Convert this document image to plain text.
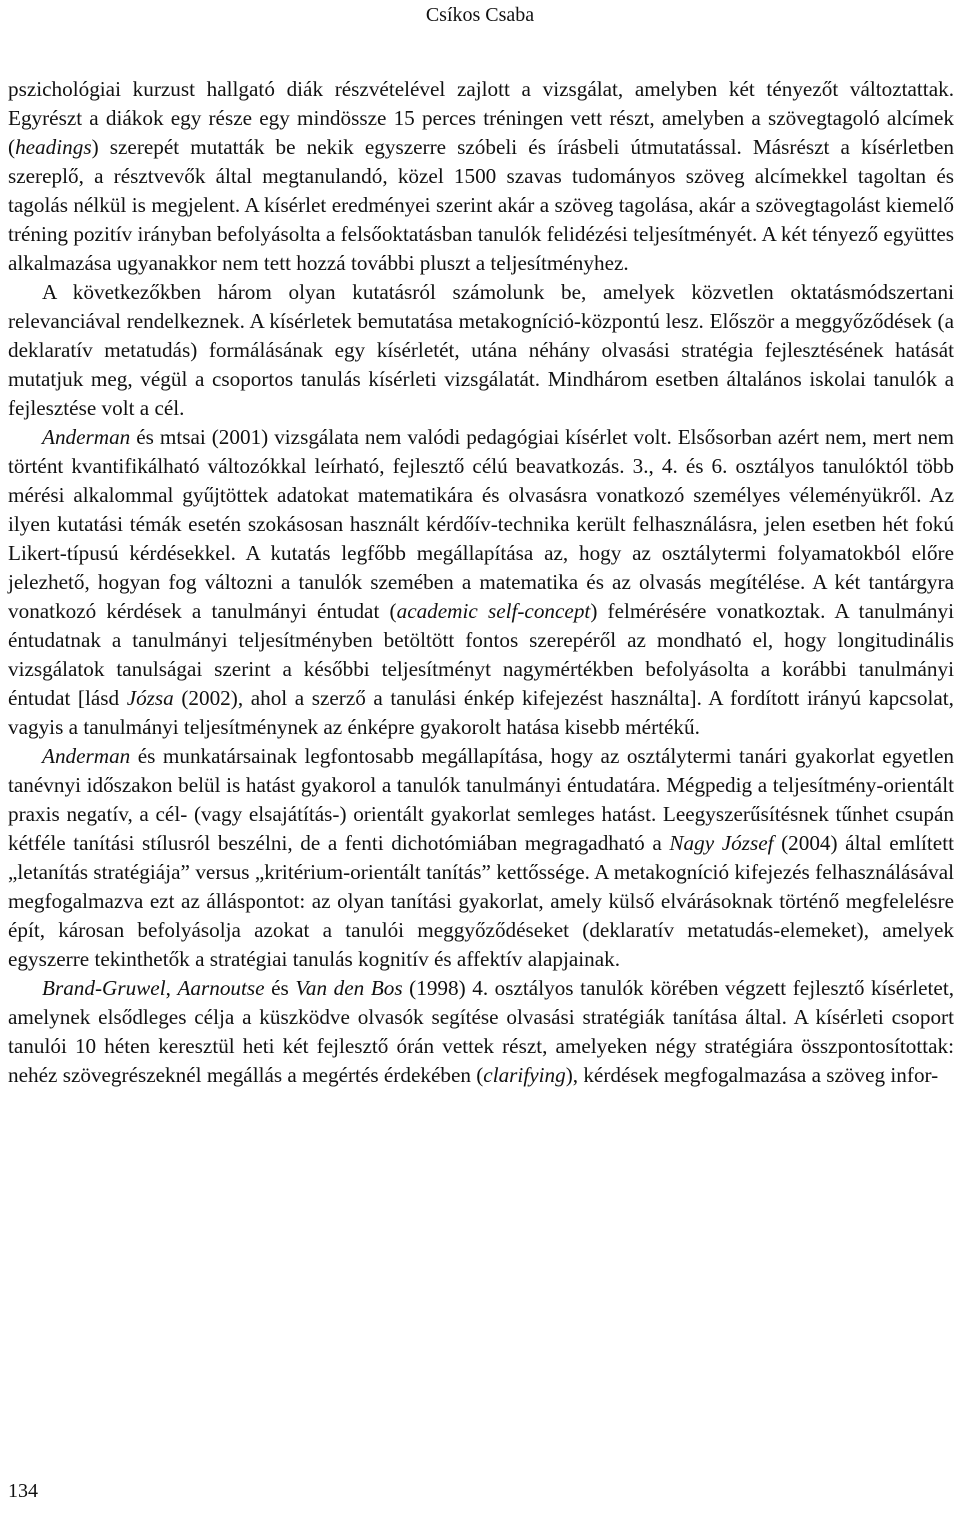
Csíkos Csaba

pszichológiai kurzust hallgató diák részvételével zajlott a vizsgálat, amelyben két tényezőt változtattak. Egyrészt a diákok egy része egy mindössze 15 perces tréningen vett részt, amelyben a szövegtagoló alcímek (headings) szerepét mutatták be nekik egyszerre szóbeli és írásbeli útmutatással. Másrészt a kísérletben szereplő, a résztvevők által megtanulandó, közel 1500 szavas tudományos szöveg alcímekkel tagoltan és tagolás nélkül is megjelent. A kísérlet eredményei szerint akár a szöveg tagolása, akár a szövegtagolást kiemelő tréning pozitív irányban befolyásolta a felsőoktatásban tanulók felidézési teljesítményét. A két tényező együttes alkalmazása ugyanakkor nem tett hozzá további pluszt a teljesítményhez.

A következőkben három olyan kutatásról számolunk be, amelyek közvetlen oktatásmódszertani relevanciával rendelkeznek. A kísérletek bemutatása metakogníció-központú lesz. Először a meggyőződések (a deklaratív metatudás) formálásának egy kísérletét, utána néhány olvasási stratégia fejlesztésének hatását mutatjuk meg, végül a csoportos tanulás kísérleti vizsgálatát. Mindhárom esetben általános iskolai tanulók a fejlesztése volt a cél.

Anderman és mtsai (2001) vizsgálata nem valódi pedagógiai kísérlet volt. Elsősorban azért nem, mert nem történt kvantifikálható változókkal leírható, fejlesztő célú beavatkozás. 3., 4. és 6. osztályos tanulóktól több mérési alkalommal gyűjtöttek adatokat matematikára és olvasásra vonatkozó személyes véleményükről. Az ilyen kutatási témák esetén szokásosan használt kérdőív-technika került felhasználásra, jelen esetben hét fokú Likert-típusú kérdésekkel. A kutatás legfőbb megállapítása az, hogy az osztálytermi folyamatokból előre jelezhető, hogyan fog változni a tanulók szemében a matematika és az olvasás megítélése. A két tantárgyra vonatkozó kérdések a tanulmányi éntudat (academic self-concept) felmérésére vonatkoztak. A tanulmányi éntudatnak a tanulmányi teljesítményben betöltött fontos szerepéről az mondható el, hogy longitudinális vizsgálatok tanulságai szerint a későbbi teljesítményt nagymértékben befolyásolta a korábbi tanulmányi éntudat [lásd Józsa (2002), ahol a szerző a tanulási énkép kifejezést használta]. A fordított irányú kapcsolat, vagyis a tanulmányi teljesítménynek az énképre gyakorolt hatása kisebb mértékű.

Anderman és munkatársainak legfontosabb megállapítása, hogy az osztálytermi tanári gyakorlat egyetlen tanévnyi időszakon belül is hatást gyakorol a tanulók tanulmányi éntudatára. Mégpedig a teljesítmény-orientált praxis negatív, a cél- (vagy elsajátítás-) orientált gyakorlat semleges hatást. Leegyszerűsítésnek tűnhet csupán kétféle tanítási stílusról beszélni, de a fenti dichotómiában megragadható a Nagy József (2004) által említett „letanítás stratégiája” versus „kritérium-orientált tanítás” kettőssége. A metakogníció kifejezés felhasználásával megfogalmazva ezt az álláspontot: az olyan tanítási gyakorlat, amely külső elvárásoknak történő megfelelésre épít, károsan befolyásolja azokat a tanulói meggyőződéseket (deklaratív metatudás-elemeket), amelyek egyszerre tekinthetők a stratégiai tanulás kognitív és affektív alapjainak.

Brand-Gruwel, Aarnoutse és Van den Bos (1998) 4. osztályos tanulók körében végzett fejlesztő kísérletet, amelynek elsődleges célja a küszködve olvasók segítése olvasási stratégiák tanítása által. A kísérleti csoport tanulói 10 héten keresztül heti két fejlesztő órán vettek részt, amelyeken négy stratégiára összpontosítottak: nehéz szövegrészeknél megállás a megértés érdekében (clarifying), kérdések megfogalmazása a szöveg infor-

134
